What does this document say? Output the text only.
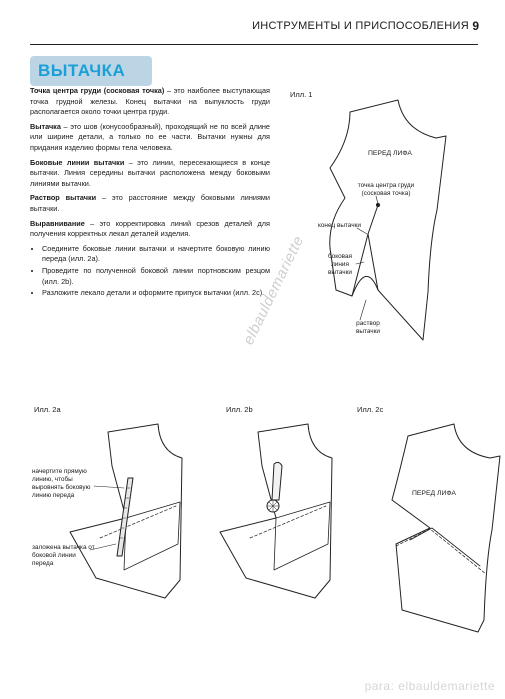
ИНСТРУМЕНТЫ И ПРИСПОСОБЛЕНИЯ 9
ВЫТАЧКА

Точка центра груди (сосковая точка) – это наиболее выступающая точка грудной железы. Конец вытачки на выпуклость груди располагается около точки центра груди.

Вытачка – это шов (конусообразный), проходящий не по всей длине или ширине детали, а только по ее части. Вытачки нужны для придания изделию формы тела человека.

Боковые линии вытачки – это линии, пересекающиеся в конце вытачки. Линия середины вытачки расположена между боковыми линиями вытачки.

Раствор вытачки – это расстояние между боковыми линиями вытачки.

Выравнивание – это корректировка линий срезов деталей для получения корректных лекал деталей изделия.

• Соедините боковые линии вытачки и начертите боковую линию переда (илл. 2a).
• Проведите по полученной боковой линии портновским резцом (илл. 2b).
• Разложите лекало детали и оформите припуск вытачки (илл. 2c).
Илл. 1
ПЕРЕД ЛИФА
точка центра груди (сосковая точка)
конец вытачки
боковая линия вытачки
раствор вытачки
Илл. 2a
начертите прямую линию, чтобы выровнять боковую линию переда
заложена вытачка от боковой линии переда
Илл. 2b	Илл. 2c
ПЕРЕД ЛИФА
elbauldemariette
para: elbauldemariette
